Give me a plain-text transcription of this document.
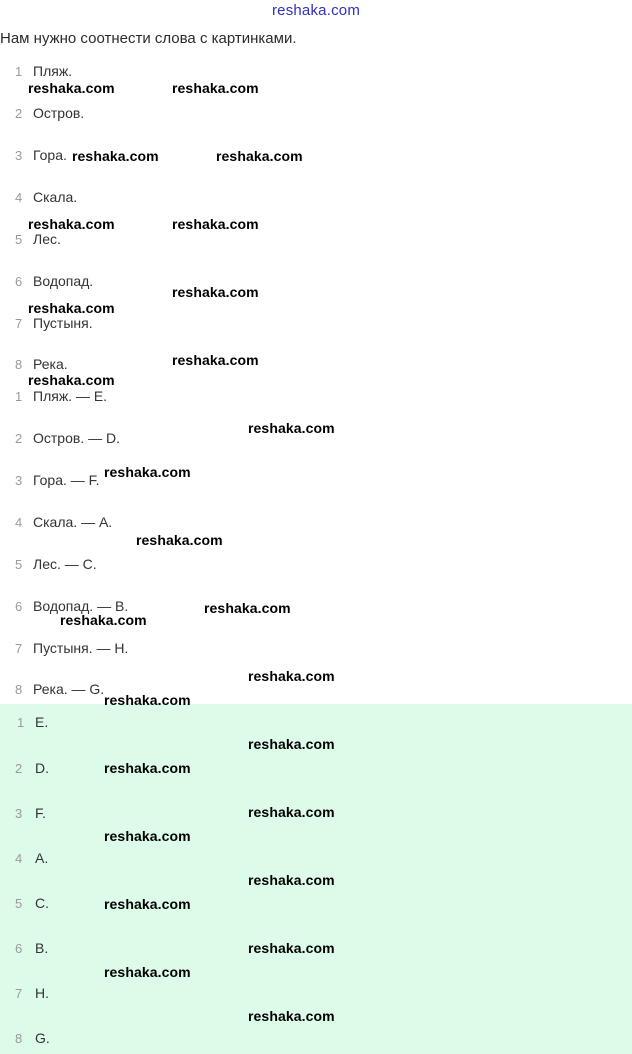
reshaka.com
Нам нужно соотнести слова с картинками.
1 Пляж.
2 Остров.
3 Гора.
4 Скала.
5 Лес.
6 Водопад.
7 Пустыня.
8 Река.
1 Пляж. — E.
2 Остров. — D.
3 Гора. — F.
4 Скала. — A.
5 Лес. — C.
6 Водопад. — B.
7 Пустыня. — H.
8 Река. — G.
1 E.
2 D.
3 F.
4 A.
5 C.
6 B.
7 H.
8 G.
reshaka.com	reshaka.com
reshaka.com	reshaka.com
reshaka.com	reshaka.com
reshaka.com
reshaka.com
reshaka.com
reshaka.com
reshaka.com
reshaka.com
reshaka.com
reshaka.com
reshaka.com
reshaka.com
reshaka.com
reshaka.com
reshaka.com
reshaka.com
reshaka.com
reshaka.com
reshaka.com
reshaka.com
reshaka.com
reshaka.com
